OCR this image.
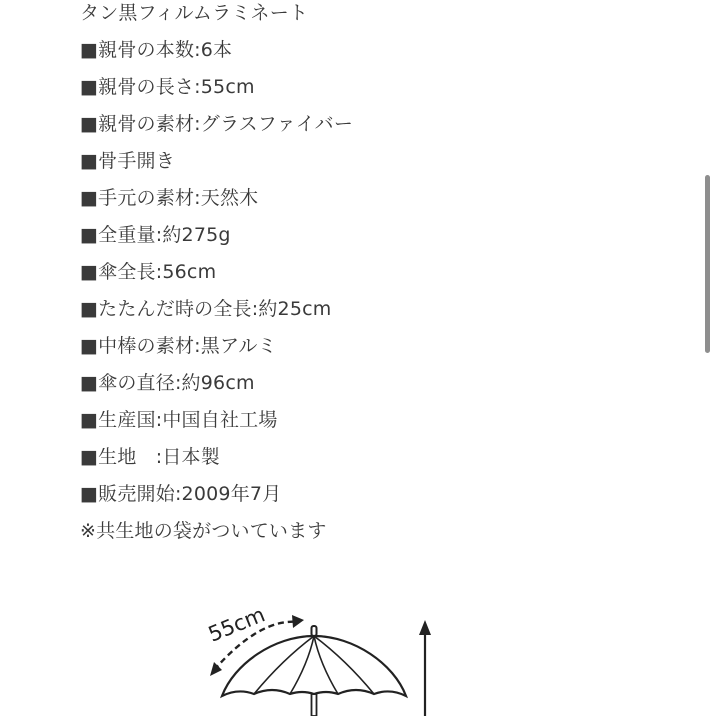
タン黒フィルムラミネート
■親骨の本数:6本
■親骨の長さ:55cm
■親骨の素材:グラスファイバー
■骨手開き
■手元の素材:天然木
■全重量:約275g
■傘全長:56cm
■たたんだ時の全長:約25cm
■中棒の素材:黒アルミ
■傘の直径:約96cm
■生産国:中国自社工場
■生地　:日本製
■販売開始:2009年7月
※共生地の袋がついています
55cm
